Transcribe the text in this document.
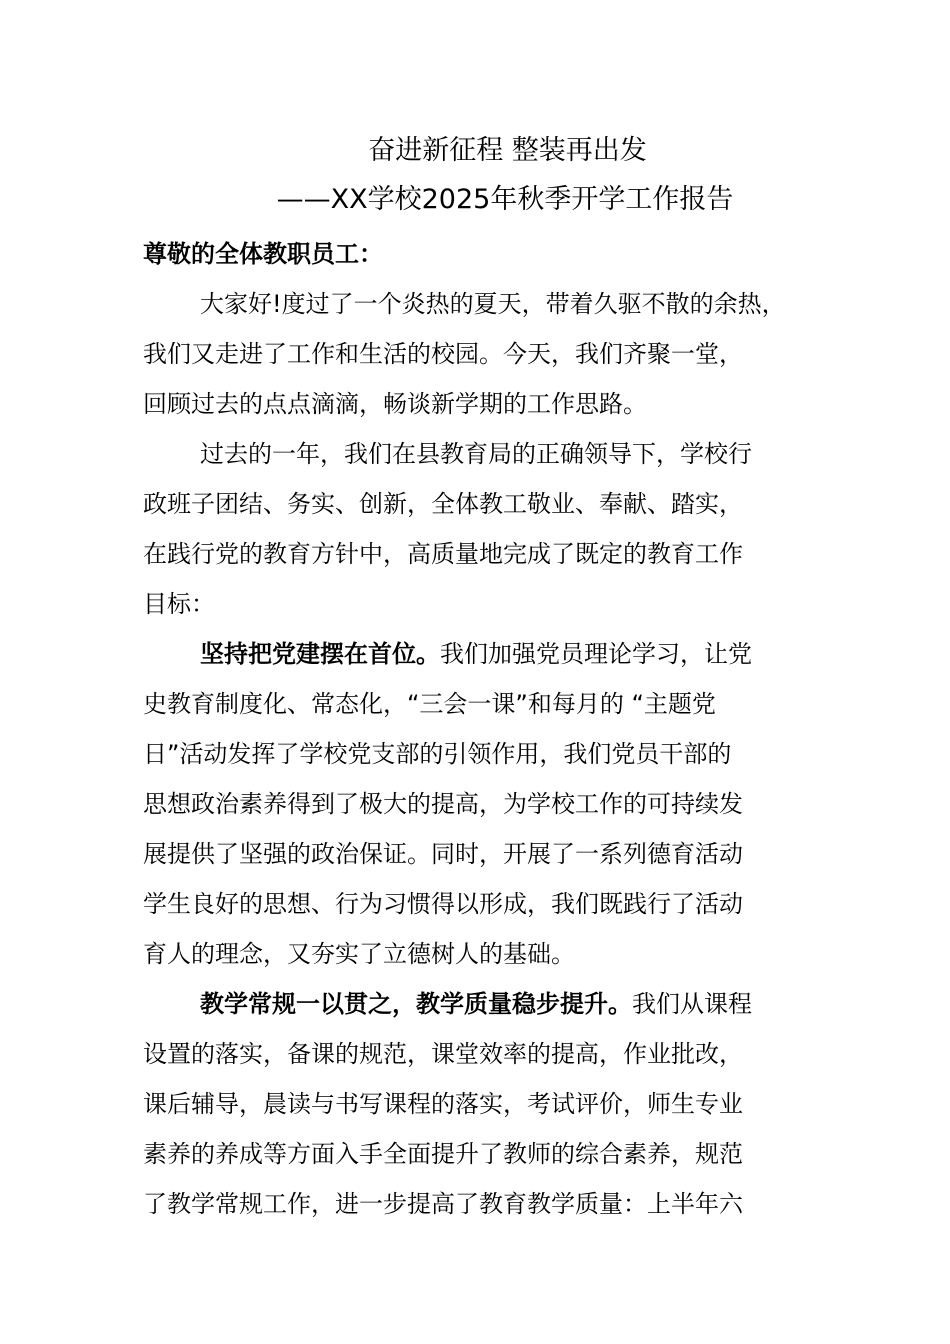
奋进新征程 整装再出发
——XX学校2025年秋季开学工作报告
尊敬的全体教职员工：
大家好!度过了一个炎热的夏天，带着久驱不散的余热，
我们又走进了工作和生活的校园。今天，我们齐聚一堂，
回顾过去的点点滴滴，畅谈新学期的工作思路。
过去的一年，我们在县教育局的正确领导下，学校行
政班子团结、务实、创新，全体教工敬业、奉献、踏实，
在践行党的教育方针中，高质量地完成了既定的教育工作
目标：
坚持把党建摆在首位。我们加强党员理论学习，让党
史教育制度化、常态化，“三会一课”和每月的 “主题党
日”活动发挥了学校党支部的引领作用，我们党员干部的
思想政治素养得到了极大的提高，为学校工作的可持续发
展提供了坚强的政治保证。同时，开展了一系列德育活动
学生良好的思想、行为习惯得以形成，我们既践行了活动
育人的理念，又夯实了立德树人的基础。
教学常规一以贯之，教学质量稳步提升。我们从课程
设置的落实，备课的规范，课堂效率的提高，作业批改，
课后辅导，晨读与书写课程的落实，考试评价，师生专业
素养的养成等方面入手全面提升了教师的综合素养，规范
了教学常规工作，进一步提高了教育教学质量：上半年六
